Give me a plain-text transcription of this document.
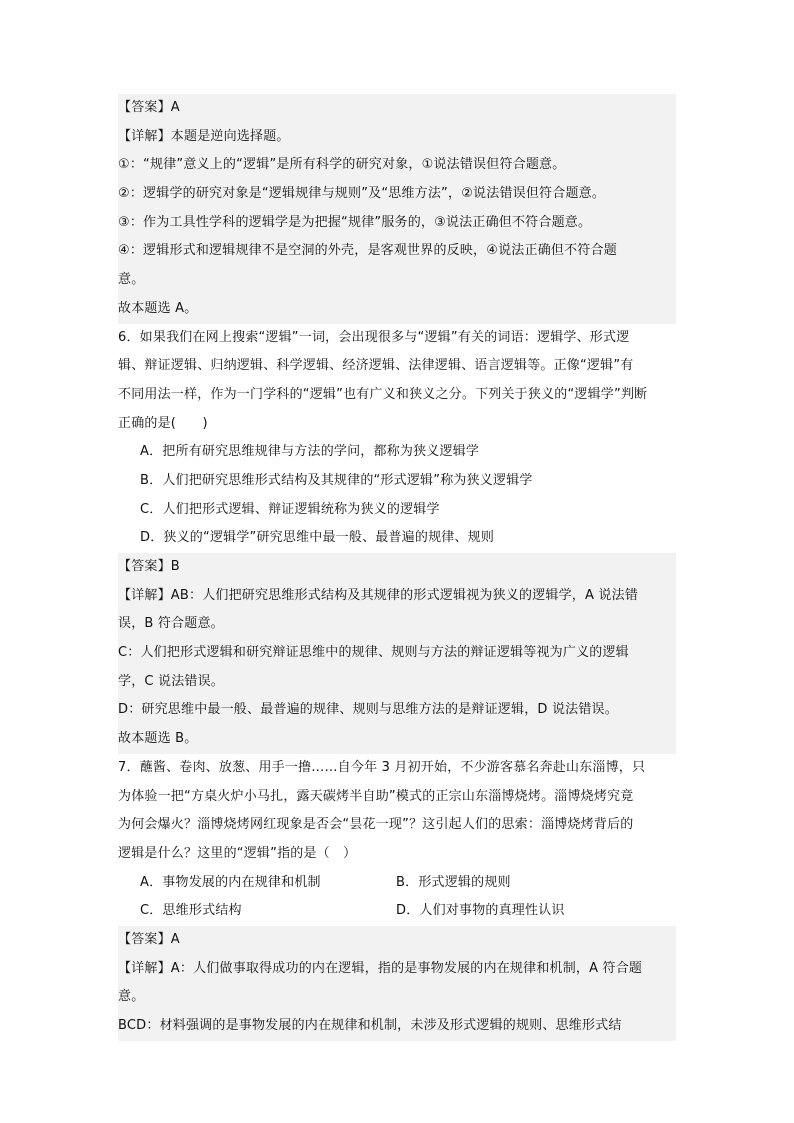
【答案】A
【详解】本题是逆向选择题。
①：“规律”意义上的“逻辑”是所有科学的研究对象，①说法错误但符合题意。
②：逻辑学的研究对象是“逻辑规律与规则”及“思维方法”，②说法错误但符合题意。
③：作为工具性学科的逻辑学是为把握“规律”服务的，③说法正确但不符合题意。
④：逻辑形式和逻辑规律不是空洞的外壳，是客观世界的反映，④说法正确但不符合题
意。
故本题选 A。
6．如果我们在网上搜索“逻辑”一词，会出现很多与“逻辑”有关的词语：逻辑学、形式逻
辑、辩证逻辑、归纳逻辑、科学逻辑、经济逻辑、法律逻辑、语言逻辑等。正像“逻辑”有
不同用法一样，作为一门学科的“逻辑”也有广义和狭义之分。下列关于狭义的“逻辑学”判断
正确的是(　　)
A．把所有研究思维规律与方法的学问，都称为狭义逻辑学
B．人们把研究思维形式结构及其规律的“形式逻辑”称为狭义逻辑学
C．人们把形式逻辑、辩证逻辑统称为狭义的逻辑学
D．狭义的“逻辑学”研究思维中最一般、最普遍的规律、规则
【答案】B
【详解】AB：人们把研究思维形式结构及其规律的形式逻辑视为狭义的逻辑学，A 说法错
误，B 符合题意。
C：人们把形式逻辑和研究辩证思维中的规律、规则与方法的辩证逻辑等视为广义的逻辑
学，C 说法错误。
D：研究思维中最一般、最普遍的规律、规则与思维方法的是辩证逻辑，D 说法错误。
故本题选 B。
7．蘸酱、卷肉、放葱、用手一撸……自今年 3 月初开始，不少游客慕名奔赴山东淄博，只
为体验一把“方桌火炉小马扎，露天碳烤半自助”模式的正宗山东淄博烧烤。淄博烧烤究竟
为何会爆火？淄博烧烤网红现象是否会“昙花一现”？这引起人们的思索：淄博烧烤背后的
逻辑是什么？这里的“逻辑”指的是（　）
A．事物发展的内在规律和机制	B．形式逻辑的规则
C．思维形式结构	D．人们对事物的真理性认识
【答案】A
【详解】A：人们做事取得成功的内在逻辑，指的是事物发展的内在规律和机制，A 符合题
意。
BCD：材料强调的是事物发展的内在规律和机制，未涉及形式逻辑的规则、思维形式结
